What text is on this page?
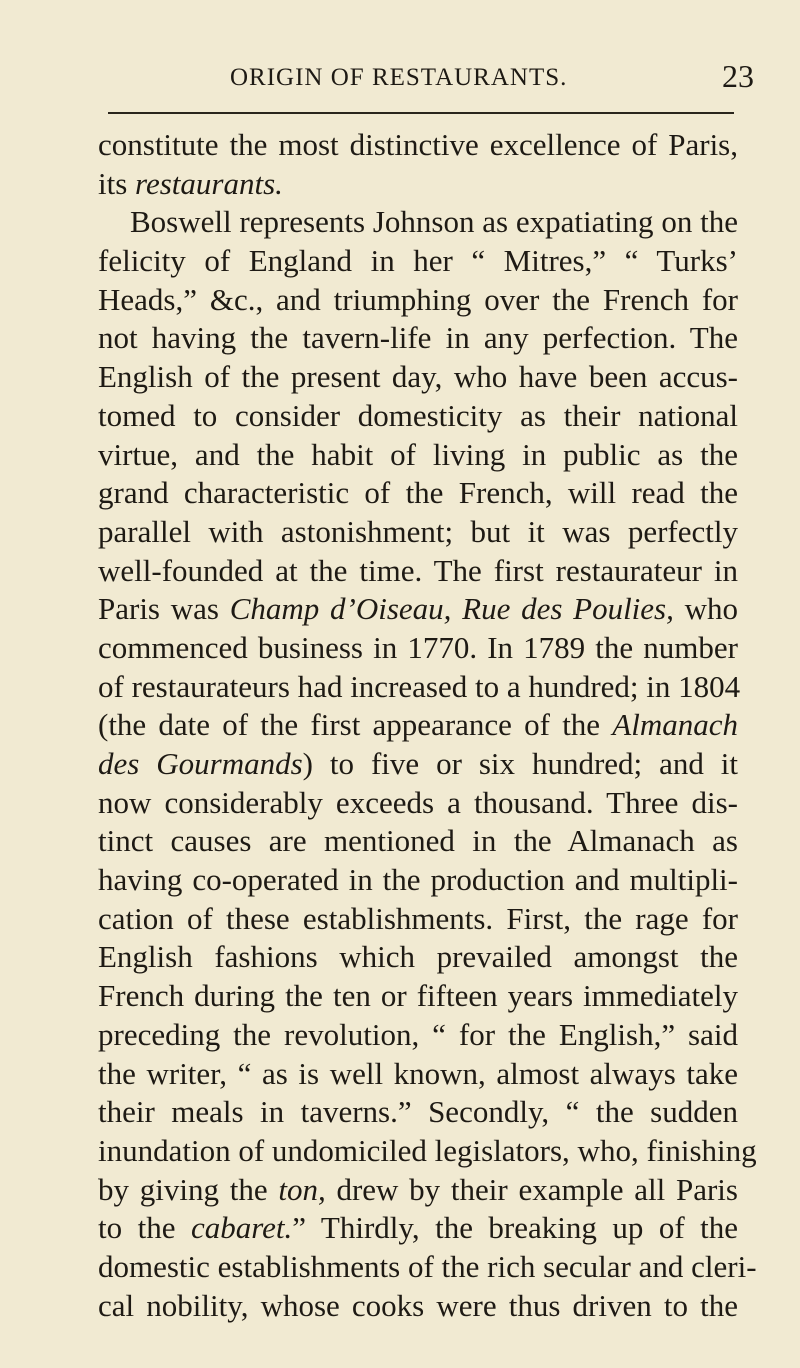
ORIGIN OF RESTAURANTS.	23
constitute the most distinctive excellence of Paris,
its restaurants.
Boswell represents Johnson as expatiating on the
felicity of England in her “ Mitres,” “ Turks’
Heads,” &c., and triumphing over the French for
not having the tavern-life in any perfection. The
English of the present day, who have been accus-
tomed to consider domesticity as their national
virtue, and the habit of living in public as the
grand characteristic of the French, will read the
parallel with astonishment; but it was perfectly
well-founded at the time. The first restaurateur in
Paris was Champ d’Oiseau, Rue des Poulies, who
commenced business in 1770. In 1789 the number
of restaurateurs had increased to a hundred; in 1804
(the date of the first appearance of the Almanach
des Gourmands) to five or six hundred; and it
now considerably exceeds a thousand. Three dis-
tinct causes are mentioned in the Almanach as
having co-operated in the production and multipli-
cation of these establishments. First, the rage for
English fashions which prevailed amongst the
French during the ten or fifteen years immediately
preceding the revolution, “ for the English,” said
the writer, “ as is well known, almost always take
their meals in taverns.” Secondly, “ the sudden
inundation of undomiciled legislators, who, finishing
by giving the ton, drew by their example all Paris
to the cabaret.” Thirdly, the breaking up of the
domestic establishments of the rich secular and cleri-
cal nobility, whose cooks were thus driven to the
